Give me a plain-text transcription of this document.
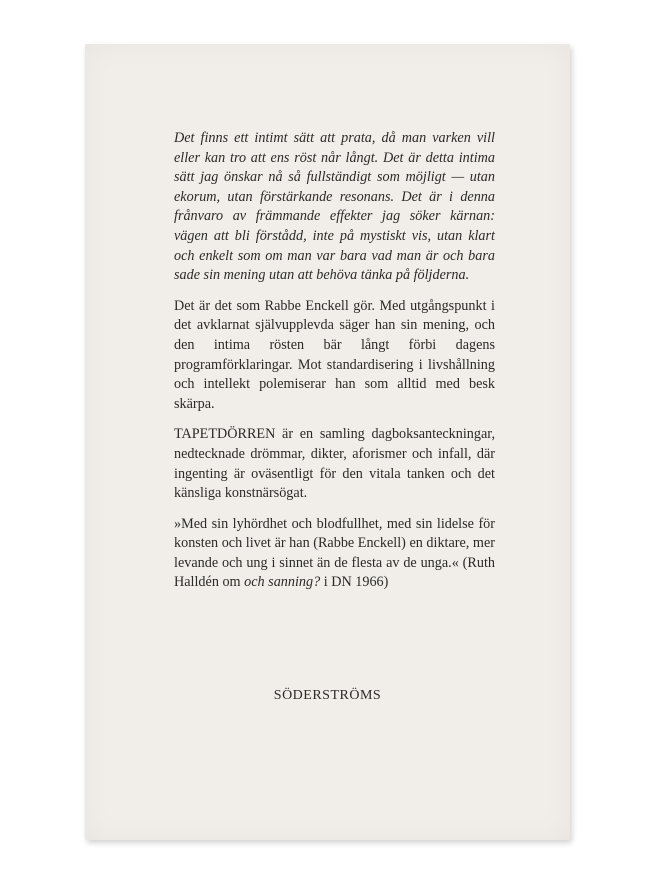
Det finns ett intimt sätt att prata, då man varken vill eller kan tro att ens röst når långt. Det är detta intima sätt jag önskar nå så fullständigt som möjligt — utan ekorum, utan förstärkande resonans. Det är i denna frånvaro av främmande effekter jag söker kärnan: vägen att bli förstådd, inte på mystiskt vis, utan klart och enkelt som om man var bara vad man är och bara sade sin mening utan att behöva tänka på följderna.

Det är det som Rabbe Enckell gör. Med utgångspunkt i det avklarnat självupplevda säger han sin mening, och den intima rösten bär långt förbi dagens programförklaringar. Mot standardisering i livshållning och intellekt polemiserar han som alltid med besk skärpa.

TAPETDÖRREN är en samling dagboksanteckningar, nedtecknade drömmar, dikter, aforismer och infall, där ingenting är oväsentligt för den vitala tanken och det känsliga konstnärsögat.

»Med sin lyhördhet och blodfullhet, med sin lidelse för konsten och livet är han (Rabbe Enckell) en diktare, mer levande och ung i sinnet än de flesta av de unga.« (Ruth Halldén om och sanning? i DN 1966)

SÖDERSTRÖMS
